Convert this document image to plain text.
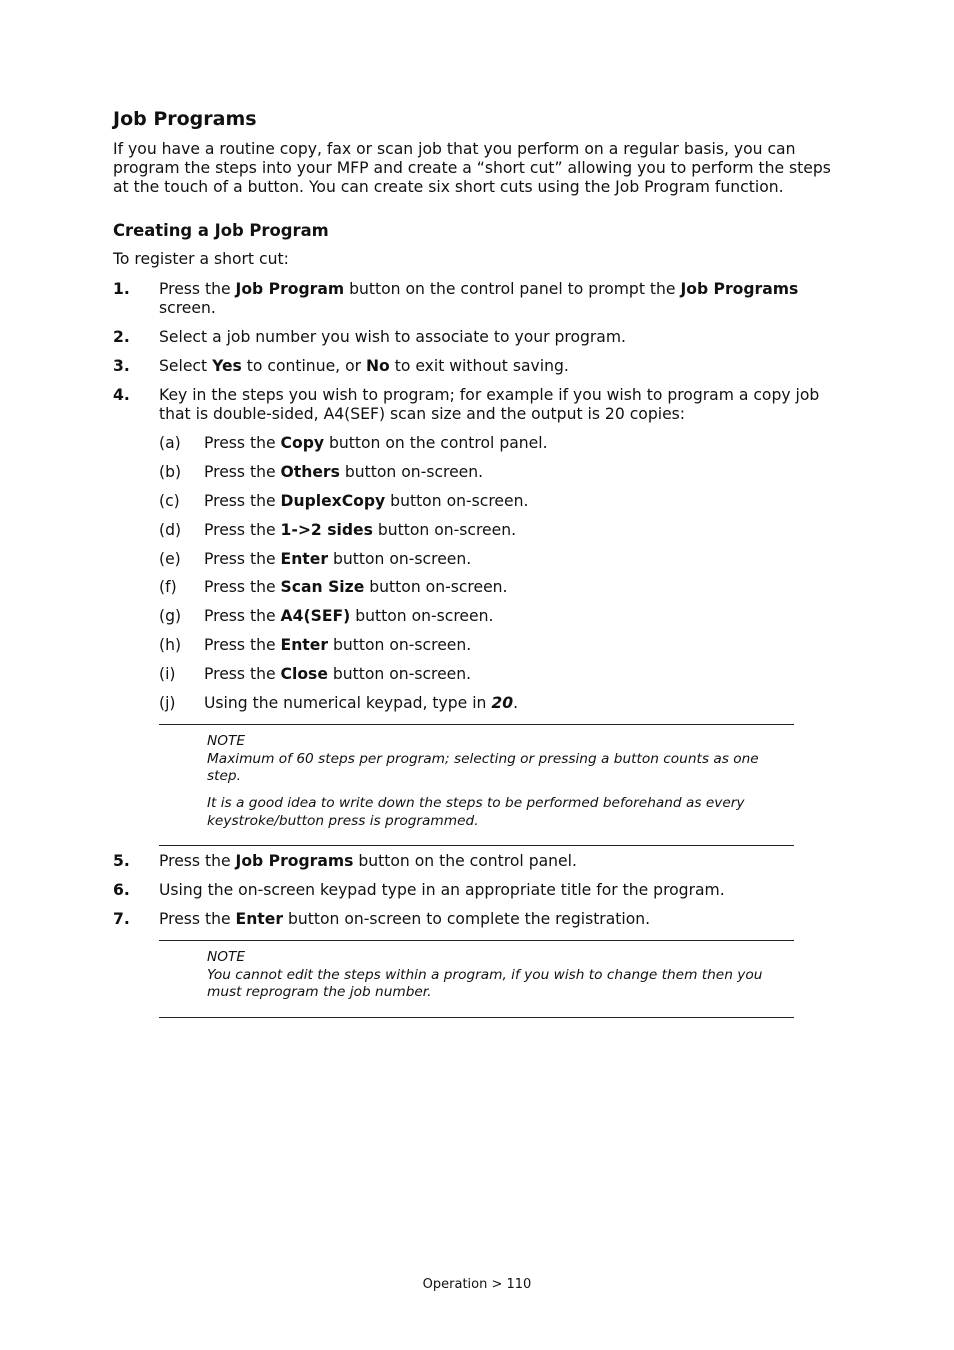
Job Programs

If you have a routine copy, fax or scan job that you perform on a regular basis, you can program the steps into your MFP and create a “short cut” allowing you to perform the steps at the touch of a button. You can create six short cuts using the Job Program function.

Creating a Job Program

To register a short cut:

1. Press the Job Program button on the control panel to prompt the Job Programs screen.
2. Select a job number you wish to associate to your program.
3. Select Yes to continue, or No to exit without saving.
4. Key in the steps you wish to program; for example if you wish to program a copy job that is double-sided, A4(SEF) scan size and the output is 20 copies:
(a) Press the Copy button on the control panel.
(b) Press the Others button on-screen.
(c) Press the DuplexCopy button on-screen.
(d) Press the 1->2 sides button on-screen.
(e) Press the Enter button on-screen.
(f) Press the Scan Size button on-screen.
(g) Press the A4(SEF) button on-screen.
(h) Press the Enter button on-screen.
(i) Press the Close button on-screen.
(j) Using the numerical keypad, type in 20.

NOTE

Maximum of 60 steps per program; selecting or pressing a button counts as one step.

It is a good idea to write down the steps to be performed beforehand as every keystroke/button press is programmed.

5. Press the Job Programs button on the control panel.
6. Using the on-screen keypad type in an appropriate title for the program.
7. Press the Enter button on-screen to complete the registration.

NOTE

You cannot edit the steps within a program, if you wish to change them then you must reprogram the job number.

Operation > 110
